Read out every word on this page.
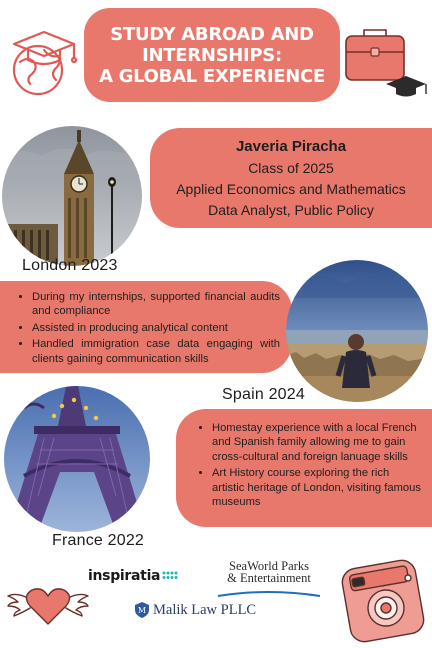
STUDY ABROAD AND
INTERNSHIPS:
A GLOBAL EXPERIENCE
Javeria Piracha
Class of 2025
Applied Economics and Mathematics
Data Analyst, Public Policy
London 2023
• During my internships, supported financial audits and compliance
• Assisted in producing analytical content
• Handled immigration case data engaging with clients gaining communication skills
Spain 2024
• Homestay experience with a local French and Spanish family allowing me to gain cross-cultural and foreign lanuage skills
• Art History course exploring the rich artistic heritage of London, visiting famous museums
France 2022
inspiratia
SeaWorld Parks
& Entertainment
M Malik Law PLLC
